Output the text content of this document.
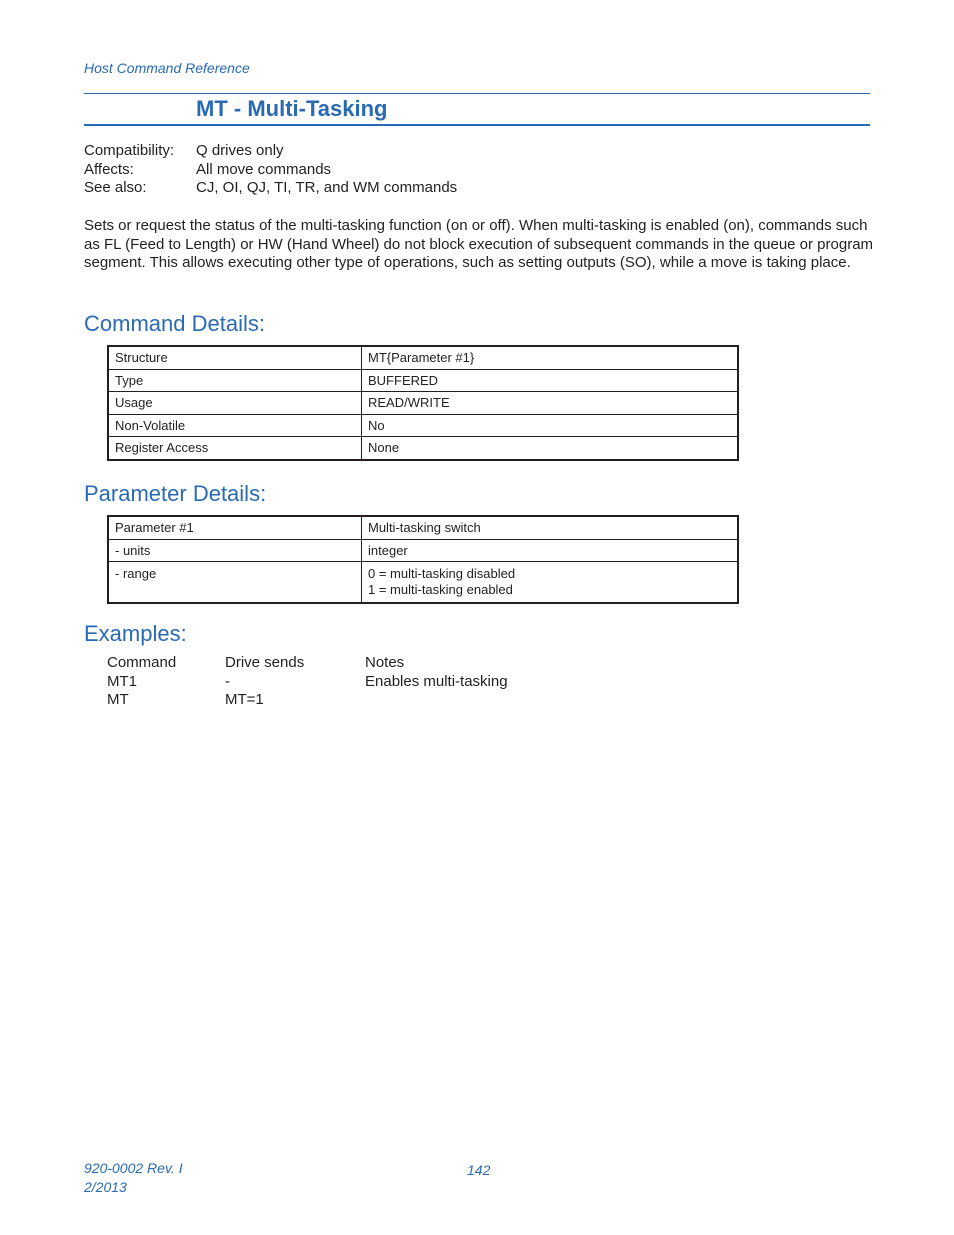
Host Command Reference
MT - Multi-Tasking
Compatibility:	Q drives only
Affects:	All move commands
See also:	CJ, OI, QJ, TI, TR, and WM commands
Sets or request the status of the multi-tasking function (on or off). When multi-tasking is enabled (on), commands such as FL (Feed to Length) or HW (Hand Wheel) do not block execution of subsequent commands in the queue or program segment. This allows executing other type of operations, such as setting outputs (SO), while a move is taking place.
Command Details:
Structure	MT{Parameter #1}
Type	BUFFERED
Usage	READ/WRITE
Non-Volatile	No
Register Access	None
Parameter Details:
Parameter #1	Multi-tasking switch
- units	integer
- range	0 = multi-tasking disabled
1 = multi-tasking enabled
Examples:
Command	Drive sends	Notes
MT1	-	Enables multi-tasking
MT	MT=1
920-0002 Rev. I
2/2013
142
